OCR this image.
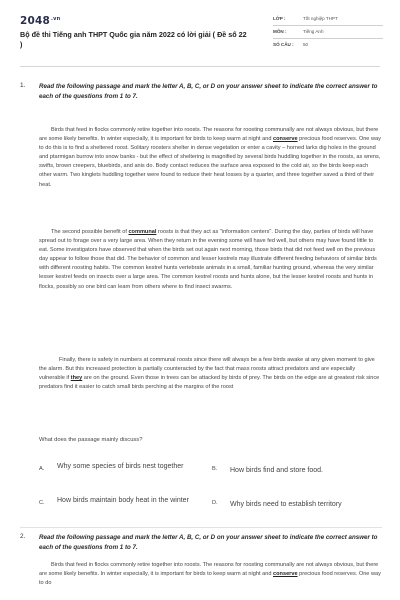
$2048^{.vn}$
Bộ đề thi Tiếng anh THPT Quốc gia năm 2022 có lời giải ( Đề số 22 )
LỚP :	Tốt nghiệp THPT
MÔN :	Tiếng Anh
SỐ CÂU : 50
1. Read the following passage and mark the letter A, B, C, or D on your answer sheet to indicate the correct answer to each of the questions from 1 to 7.
Birds that feed in flocks commonly retire together into roosts. The reasons for roosting communally are not always obvious, but there are some likely benefits. In winter especially, it is important for birds to keep warm at night and conserve precious food reserves. One way to do this is to find a sheltered roost. Solitary roosters shelter in dense vegetation or enter a cavity – horned larks dig holes in the ground and ptarmigan burrow into snow banks - but the effect of sheltering is magnified by several birds huddling together in the roosts, as wrens, swifts, brown creepers, bluebirds, and anis do. Body contact reduces the surface area exposed to the cold air, so the birds keep each other warm. Two kinglets huddling together were found to reduce their heat losses by a quarter, and three together saved a third of their heat.
The second possible benefit of communal roosts is that they act as "information centers". During the day, parties of birds will have spread out to forage over a very large area. When they return in the evening some will have fed well, but others may have found little to eat. Some investigators have observed that when the birds set out again next morning, those birds that did not feed well on the previous day appear to follow those that did. The behavior of common and lesser kestrels may illustrate different feeding behaviors of similar birds with different roosting habits. The common kestrel hunts vertebrate animals in a small, familiar hunting ground, whereas the very similar lesser kestrel feeds on insects over a large area. The common kestrel roosts and hunts alone, but the lesser kestrel roosts and hunts in flocks, possibly so one bird can learn from others where to find insect swarms.
Finally, there is safety in numbers at communal roosts since there will always be a few birds awake at any given moment to give the alarm. But this increased protection is partially counteracted by the fact that mass roosts attract predators and are especially vulnerable if they are on the ground. Even those in trees can be attacked by birds of prey. The birds on the edge are at greatest risk since predators find it easier to catch small birds perching at the margins of the roost
What does the passage mainly discuss?
A. Why some species of birds nest together	B. How birds find and store food.
C. How birds maintain body heat in the winter	D. Why birds need to establish territory
2. Read the following passage and mark the letter A, B, C, or D on your answer sheet to indicate the correct answer to each of the questions from 1 to 7.
Birds that feed in flocks commonly retire together into roosts. The reasons for roosting communally are not always obvious, but there are some likely benefits. In winter especially, it is important for birds to keep warm at night and conserve precious food reserves. One way to do
